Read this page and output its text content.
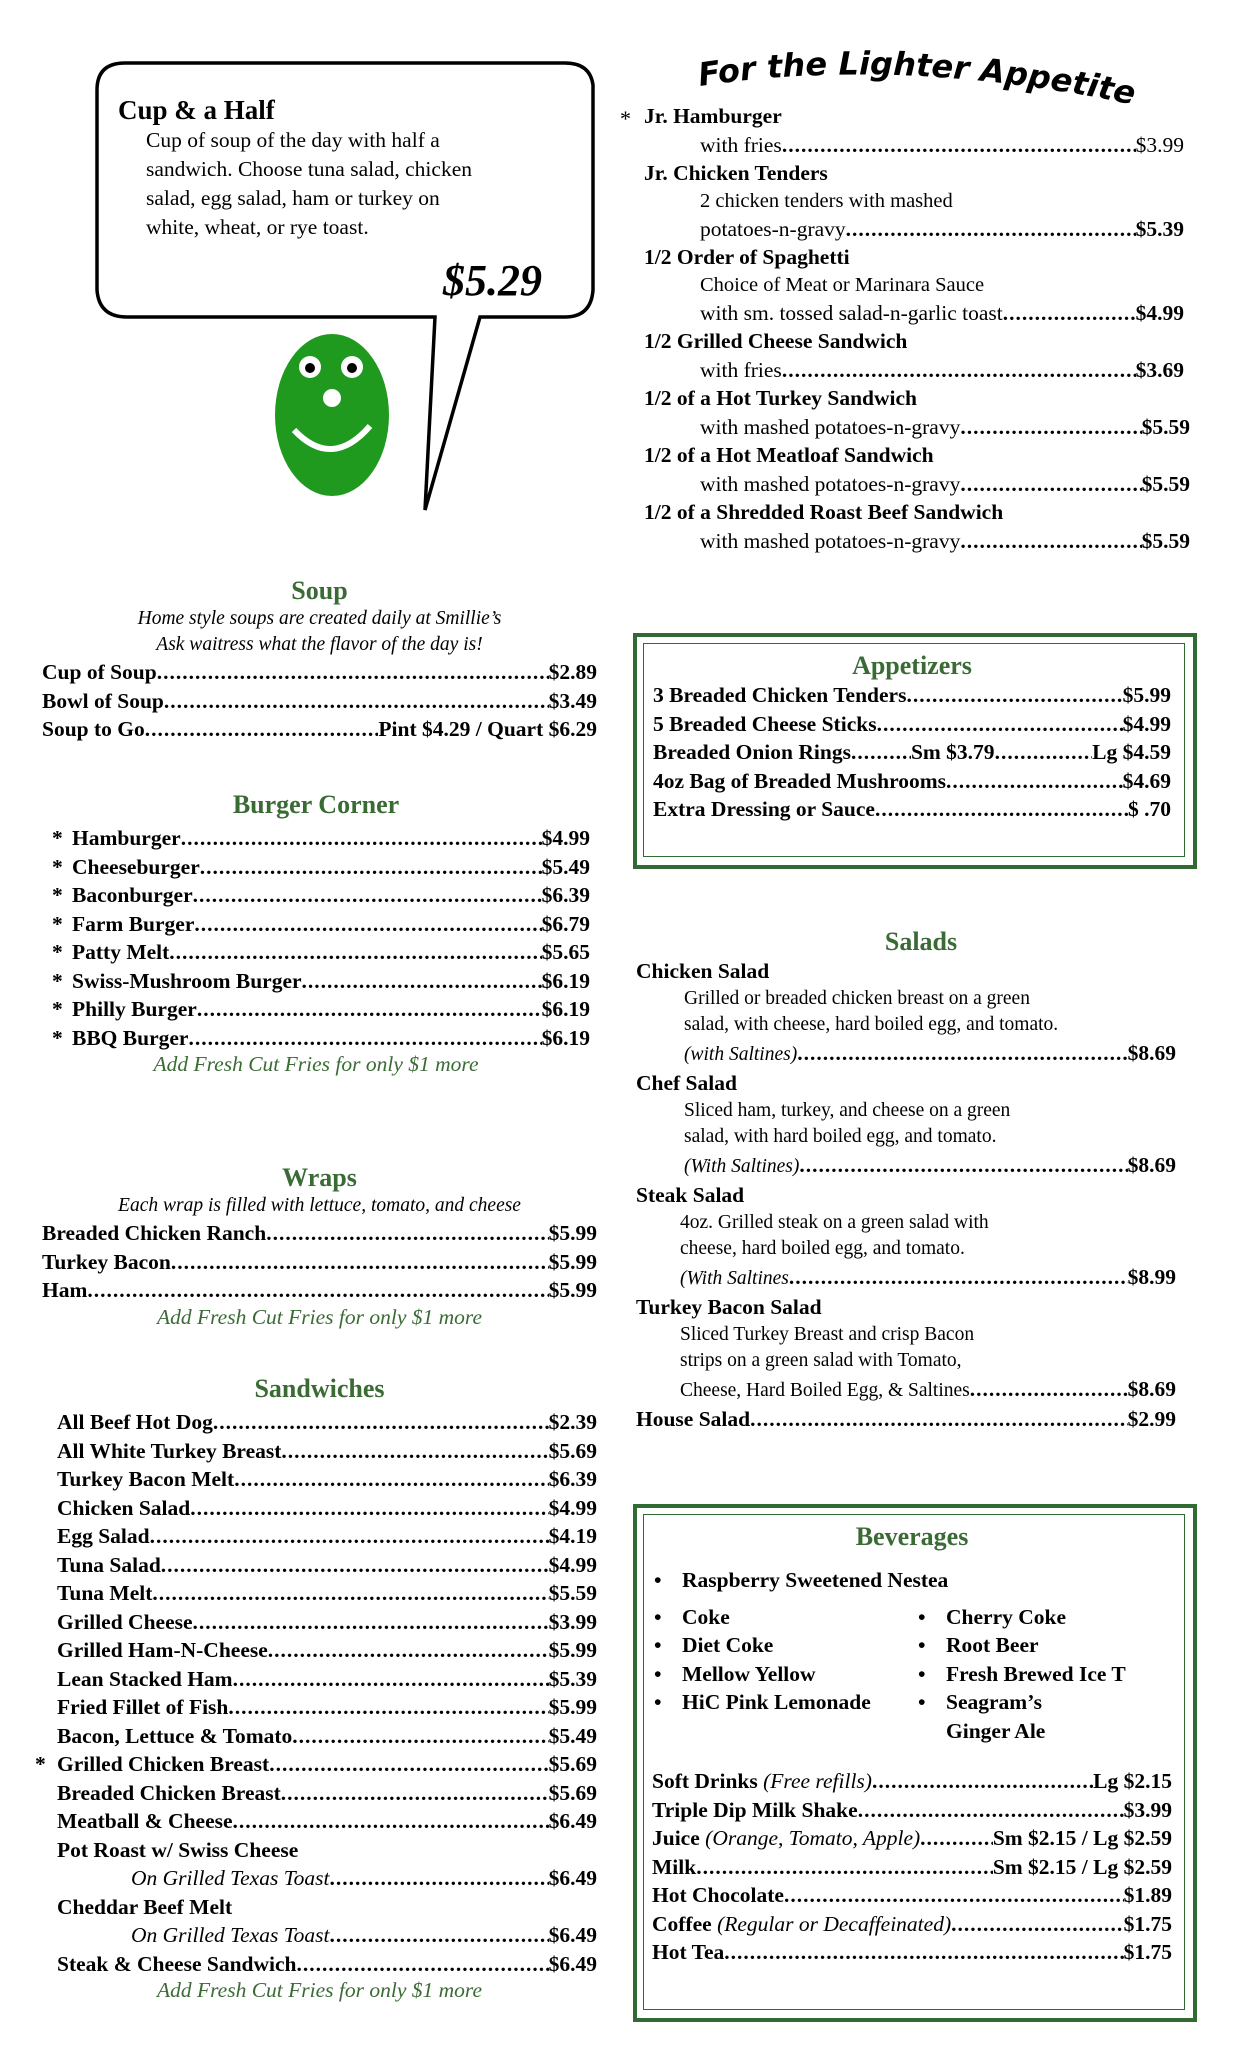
Cup & a Half
Cup of soup of the day with half a
sandwich. Choose tuna salad, chicken
salad, egg salad, ham or turkey on
white, wheat, or rye toast.
$5.29
For the Lighter Appetite
* Jr. Hamburger
with fries .....	$3.99
Jr. Chicken Tenders
2 chicken tenders with mashed
potatoes-n-gravy .....	$5.39
1/2 Order of Spaghetti
Choice of Meat or Marinara Sauce
with sm. tossed salad-n-garlic toast .....	$4.99
1/2 Grilled Cheese Sandwich
with fries .....	$3.69
1/2 of a Hot Turkey Sandwich
with mashed potatoes-n-gravy .....	$5.59
1/2 of a Hot Meatloaf Sandwich
with mashed potatoes-n-gravy .....	$5.59
1/2 of a Shredded Roast Beef Sandwich
with mashed potatoes-n-gravy .....	$5.59
Soup
Home style soups are created daily at Smillie’s
Ask waitress what the flavor of the day is!
Cup of Soup .....	$2.89
Bowl of Soup .....	$3.49
Soup to Go .....	Pint $4.29 / Quart $6.29
Burger Corner
* Hamburger .....	$4.99
* Cheeseburger .....	$5.49
* Baconburger .....	$6.39
* Farm Burger .....	$6.79
* Patty Melt .....	$5.65
* Swiss-Mushroom Burger .....	$6.19
* Philly Burger .....	$6.19
* BBQ Burger .....	$6.19
Add Fresh Cut Fries for only $1 more
Wraps
Each wrap is filled with lettuce, tomato, and cheese
Breaded Chicken Ranch .....	$5.99
Turkey Bacon .....	$5.99
Ham .....	$5.99
Add Fresh Cut Fries for only $1 more
Sandwiches
All Beef Hot Dog .....	$2.39
All White Turkey Breast .....	$5.69
Turkey Bacon Melt .....	$6.39
Chicken Salad .....	$4.99
Egg Salad .....	$4.19
Tuna Salad .....	$4.99
Tuna Melt .....	$5.59
Grilled Cheese .....	$3.99
Grilled Ham-N-Cheese .....	$5.99
Lean Stacked Ham .....	$5.39
Fried Fillet of Fish .....	$5.99
Bacon, Lettuce & Tomato .....	$5.49
* Grilled Chicken Breast .....	$5.69
Breaded Chicken Breast .....	$5.69
Meatball & Cheese .....	$6.49
Pot Roast w/ Swiss Cheese
On Grilled Texas Toast .....	$6.49
Cheddar Beef Melt
On Grilled Texas Toast .....	$6.49
Steak & Cheese Sandwich .....	$6.49
Add Fresh Cut Fries for only $1 more
Appetizers
3 Breaded Chicken Tenders .....	$5.99
5 Breaded Cheese Sticks .....	$4.99
Breaded Onion Rings .....	Sm $3.79 .....	Lg $4.59
4oz Bag of Breaded Mushrooms .....	$4.69
Extra Dressing or Sauce .....	$ .70
Salads
Chicken Salad
Grilled or breaded chicken breast on a green
salad, with cheese, hard boiled egg, and tomato.
(with Saltines) .....	$8.69
Chef Salad
Sliced ham, turkey, and cheese on a green
salad, with hard boiled egg, and tomato.
(With Saltines) .....	$8.69
Steak Salad
4oz. Grilled steak on a green salad with
cheese, hard boiled egg, and tomato.
(With Saltines .....	$8.99
Turkey Bacon Salad
Sliced Turkey Breast and crisp Bacon
strips on a green salad with Tomato,
Cheese, Hard Boiled Egg, & Saltines .....	$8.69
House Salad .....	$2.99
Beverages
• Raspberry Sweetened Nestea
• Coke
• Diet Coke
• Mellow Yellow
• HiC Pink Lemonade
• Cherry Coke
• Root Beer
• Fresh Brewed Ice T
• Seagram’s
Ginger Ale
Soft Drinks
(Free refills) .....	Lg $2.15
Triple Dip Milk Shake .....	$3.99
Juice
(Orange, Tomato, Apple) .....	Sm $2.15 / Lg $2.59
Milk .....	Sm $2.15 / Lg $2.59
Hot Chocolate .....	$1.89
Coffee
(Regular or Decaffeinated) .....	$1.75
Hot Tea .....	$1.75
